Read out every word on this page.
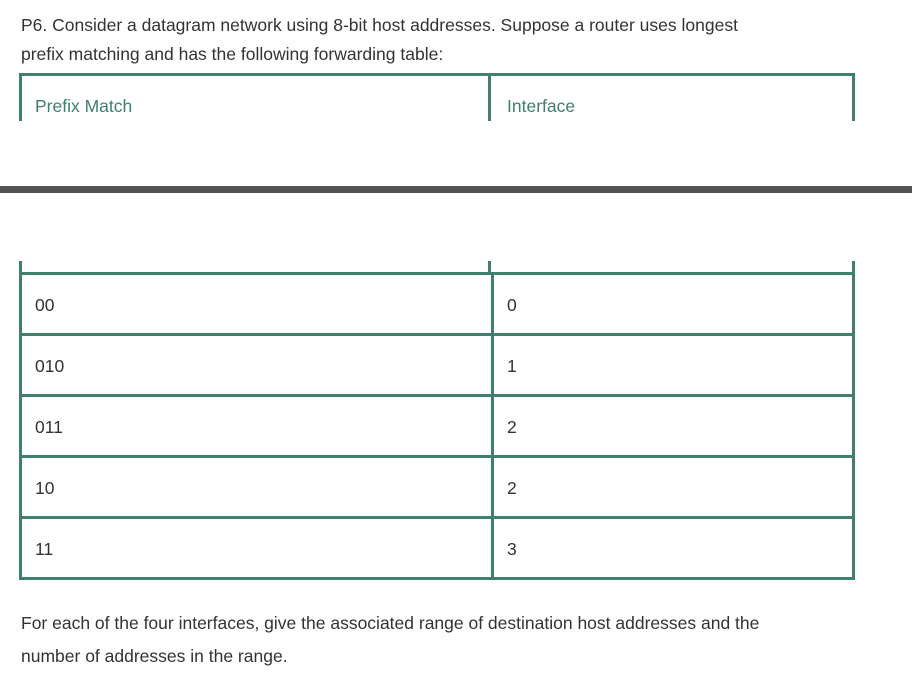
P6. Consider a datagram network using 8-bit host addresses. Suppose a router uses longest
prefix matching and has the following forwarding table:
Prefix Match	Interface
00	0
010	1
011	2
10	2
11	3
For each of the four interfaces, give the associated range of destination host addresses and the
number of addresses in the range.
